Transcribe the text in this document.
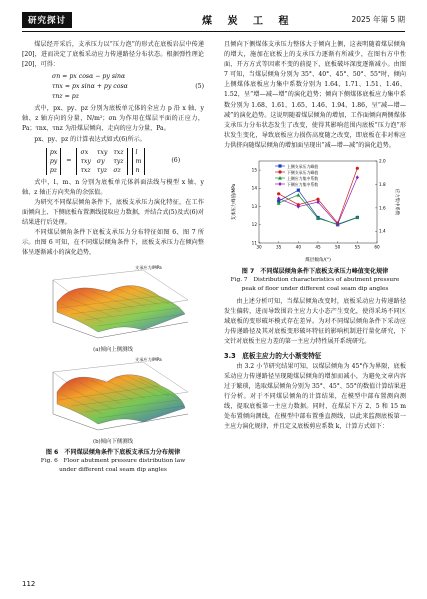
研究探讨	煤 炭 工 程	2025 年第 5 期

煤层经开采后，支承压力以“压力泡”的形式在底板岩层中传递[20]，进而决定了底板采动应力传递路径分布状态。根据弹性理论[20]，可得：

σn = px cosα − py sinα
τnx = px sinα + py cosα	(5)
τnz = pz

式中，px、py、pz 分别为底板单元体的全应力 p 沿 x 轴、y 轴、z 轴方向的分量，N/m²；σn 为作用在煤层平面的正应力，Pa；τnx、τnz 为沿煤层倾向、走向的应力分量，Pa。

px、py、pz 的计算表达式如式(6)所示。

px
py
pz
=
σx	τxy τxz
τxy σy	τyz
τxz τyz σz
l
m
n
(6)

式中，l、m、n 分别为底板单元体斜面法线与模型 x 轴、y 轴、z 轴正方向夹角的余弦值。

为研究不同煤层倾角条件下，底板支承压力演化特征，在工作面倾向上、下侧底板布置测线提取应力数据，并结合式(5)及式(6)对结果进行后处理。

不同煤层倾角条件下底板支承压力分布特征如图 6、图 7 所示。由图 6 可知，在不同煤层倾角条件下，底板支承压力在倾向整体呈逐渐减小的演化趋势，

支承应力/MPa
(a)倾向上侧测线
支承应力/MPa
(b)倾向下侧测线
图 6　不同煤层倾角条件下底板支承压力分布规律
Fig. 6　Floor abutment pressure distribution law
under different coal seam dip angles

且倾向下侧煤体支承压力整体大于倾向上侧，这表明随着煤层倾角的增大，施加在底板上的支承压力逐渐有所减少，在图右方中性面、开方方式等因素不变的前提下，底板破坏深度逐渐减小。由图 7 可知，当煤层倾角分别为 35°、40°、45°、50°、55°时，倾向上侧煤体底板应力集中系数分别为 1.64、1.71、1.51、1.46、1.52，呈“增—减—增”的演化趋势；倾向下侧煤体底板应力集中系数分别为 1.68、1.61、1.65、1.46、1.94、1.86，呈“减—增—减”的演化趋势。这说明随着煤层倾角的增加，工作面倾向两侧煤体支承压力分布状态发生了改变，使得其影响范围内底板“压力泡”形状发生变化，导致底板应力损伤高度随之改变，即底板在非对称应力供挤向随煤层倾角的增加面呈现出“减—增—减”的演化趋势。

30	35	40	45	50	55	60
11
12
13
14
15
1.4
1.6
1.8
2.0
上侧支承压力峰值
下侧支承压力峰值
上侧应力集中系数
下侧应力集中系数
煤层倾角/(°)
支承压力峰值/MPa	应力集中系数
图 7　不同煤层倾角条件下底板支承压力峰值变化规律
Fig. 7　Distribution characteristics of abutment pressure
peak of floor under different coal seam dip angles

由上述分析可知，当煤层倾角改变时，底板采动应力传递路径发生偏转，进而导致围岩主应力大小态产生变化，使得采场不同区域底板的变形破坏模式存在差异。为对不同煤层倾角条件下采动应力传递路径及其对底板变形破坏特征的影响机制进行量化研究，下文针对底板主应力差的第一主应力特性展开系统研究。

3.3　底板主应力的大小渐变特征

由 3.2 小节研究结果可知，以煤层倾角为 45°作为界限，底板采动应力传递路径呈现随煤层倾角的增加而减小，为避免文章内容过于繁琐，选取煤层倾角分别为 35°、45°、55°的数值计算结果进行分析。对于不同煤层倾角的计算结果，在模型中部布置测向测线，提取底板第一主应力数据。同时，在煤层下方 2、5 和 15 m 处布置倾向测线，在模型中部布置垂直测线，以此来监测底板第一主应力演化规律，并且定义底板剪应系数 k，计算方式如下：

112
